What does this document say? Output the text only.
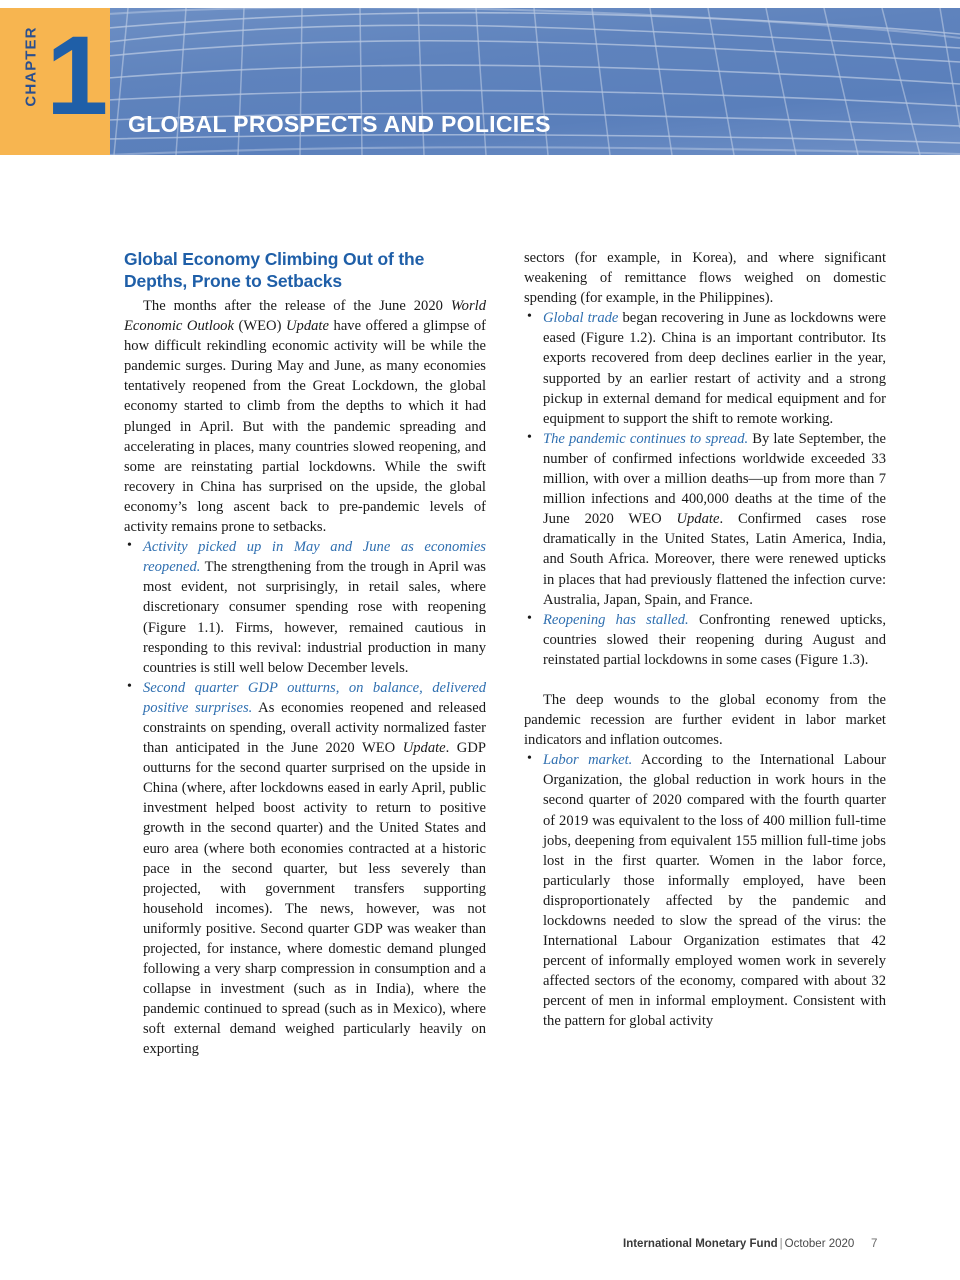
CHAPTER 1 GLOBAL PROSPECTS AND POLICIES
Global Economy Climbing Out of the Depths, Prone to Setbacks

The months after the release of the June 2020 World Economic Outlook (WEO) Update have offered a glimpse of how difficult rekindling economic activity will be while the pandemic surges. During May and June, as many economies tentatively reopened from the Great Lockdown, the global economy started to climb from the depths to which it had plunged in April. But with the pandemic spreading and accelerating in places, many countries slowed reopening, and some are reinstating partial lockdowns. While the swift recovery in China has surprised on the upside, the global economy’s long ascent back to pre-pandemic levels of activity remains prone to setbacks.

• Activity picked up in May and June as economies reopened. The strengthening from the trough in April was most evident, not surprisingly, in retail sales, where discretionary consumer spending rose with reopening (Figure 1.1). Firms, however, remained cautious in responding to this revival: industrial production in many countries is still well below December levels.
• Second quarter GDP outturns, on balance, delivered positive surprises. As economies reopened and released constraints on spending, overall activity normalized faster than anticipated in the June 2020 WEO Update. GDP outturns for the second quarter surprised on the upside in China (where, after lockdowns eased in early April, public investment helped boost activity to return to positive growth in the second quarter) and the United States and euro area (where both economies contracted at a historic pace in the second quarter, but less severely than projected, with government transfers supporting household incomes). The news, however, was not uniformly positive. Second quarter GDP was weaker than projected, for instance, where domestic demand plunged following a very sharp compression in consumption and a collapse in investment (such as in India), where the pandemic continued to spread (such as in Mexico), where soft external demand weighed particularly heavily on exporting

sectors (for example, in Korea), and where significant weakening of remittance flows weighed on domestic spending (for example, in the Philippines).

• Global trade began recovering in June as lockdowns were eased (Figure 1.2). China is an important contributor. Its exports recovered from deep declines earlier in the year, supported by an earlier restart of activity and a strong pickup in external demand for medical equipment and for equipment to support the shift to remote working.
• The pandemic continues to spread. By late September, the number of confirmed infections worldwide exceeded 33 million, with over a million deaths—up from more than 7 million infections and 400,000 deaths at the time of the June 2020 WEO Update. Confirmed cases rose dramatically in the United States, Latin America, India, and South Africa. Moreover, there were renewed upticks in places that had previously flattened the infection curve: Australia, Japan, Spain, and France.
• Reopening has stalled. Confronting renewed upticks, countries slowed their reopening during August and reinstated partial lockdowns in some cases (Figure 1.3).

The deep wounds to the global economy from the pandemic recession are further evident in labor market indicators and inflation outcomes.

• Labor market. According to the International Labour Organization, the global reduction in work hours in the second quarter of 2020 compared with the fourth quarter of 2019 was equivalent to the loss of 400 million full-time jobs, deepening from equivalent 155 million full-time jobs lost in the first quarter. Women in the labor force, particularly those informally employed, have been disproportionately affected by the pandemic and lockdowns needed to slow the spread of the virus: the International Labour Organization estimates that 42 percent of informally employed women work in severely affected sectors of the economy, compared with about 32 percent of men in informal employment. Consistent with the pattern for global activity
International Monetary Fund | October 2020 7
